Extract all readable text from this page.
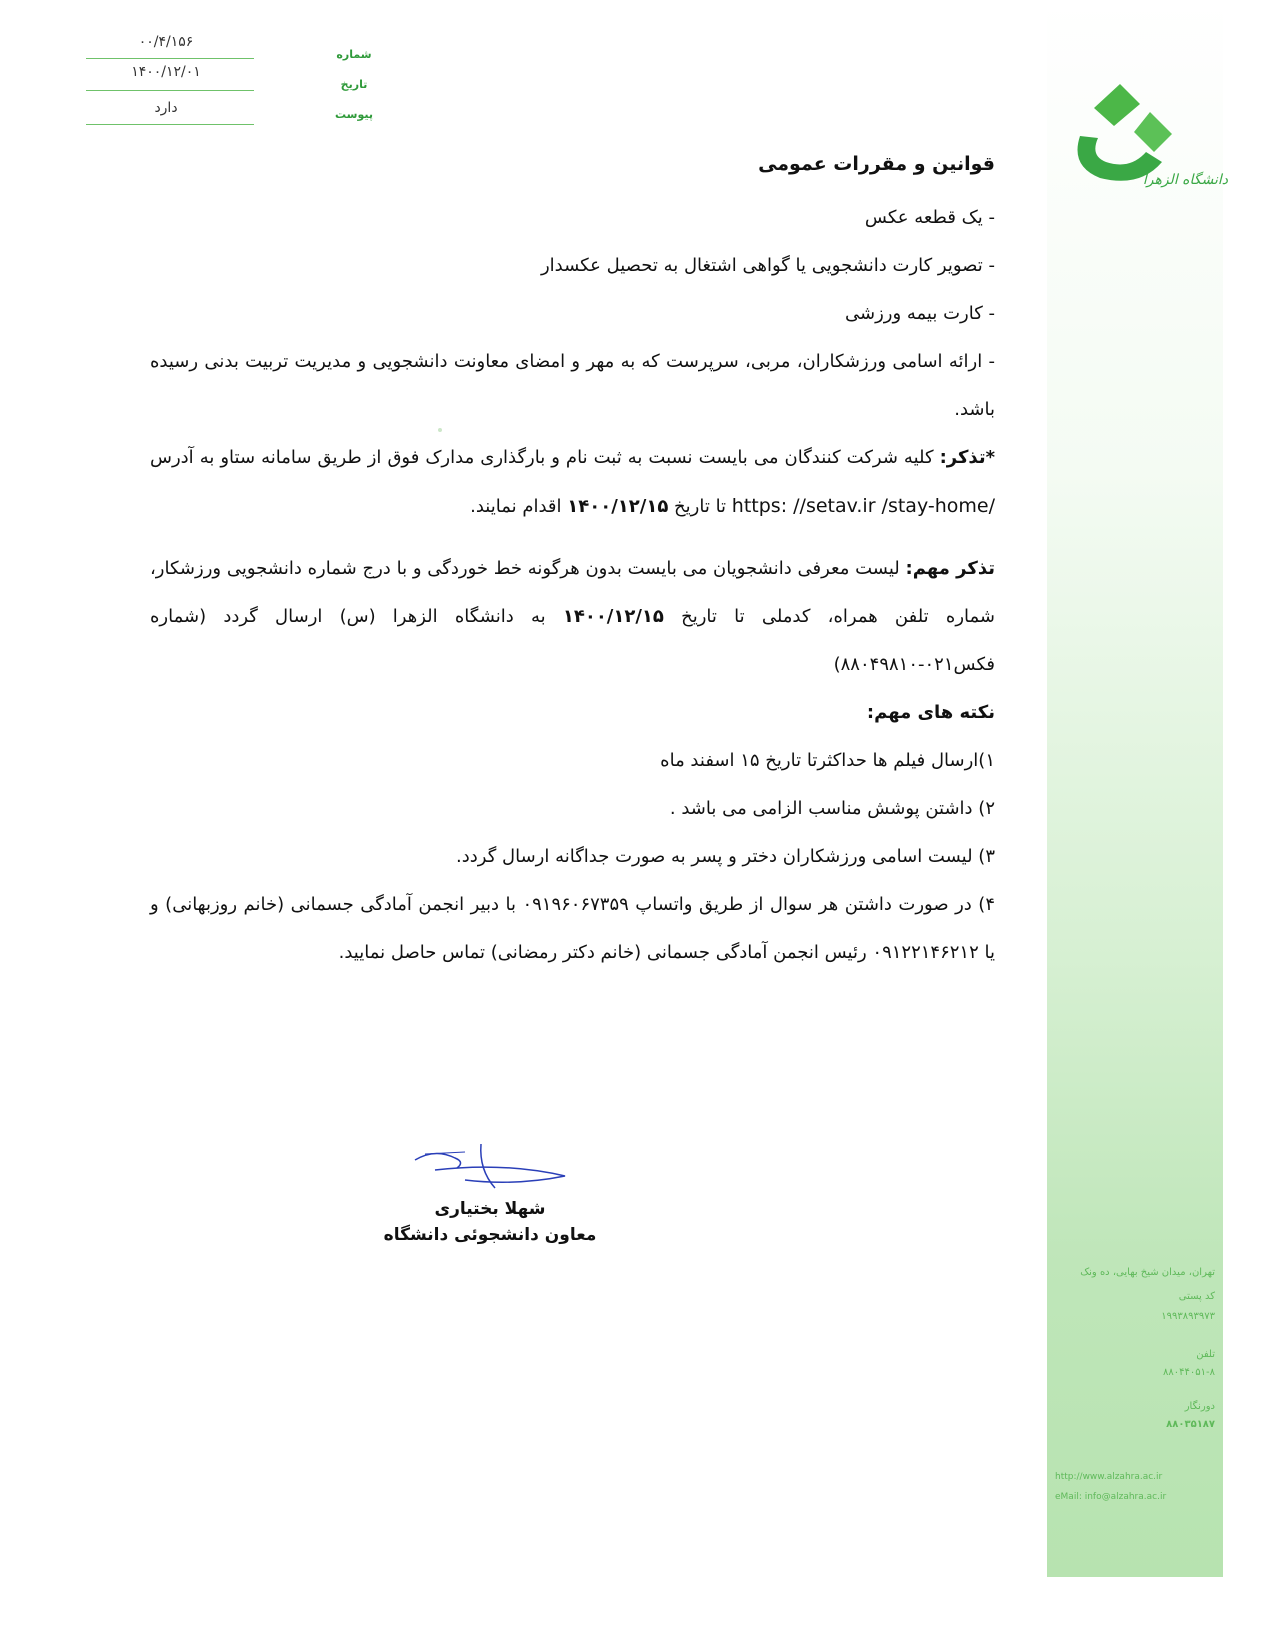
دانشگاه الزهرا
۰۰/۴/۱۵۶
۱۴۰۰/۱۲/۰۱
دارد
شماره
تاریخ
پیوست

قوانین و مقررات عمومی

- یک قطعه عکس

- تصویر کارت دانشجویی یا گواهی اشتغال به تحصیل عکسدار

- کارت بیمه ورزشی

- ارائه اسامی ورزشکاران، مربی، سرپرست که به مهر و امضای معاونت دانشجویی و مدیریت تربیت بدنی رسیده باشد.

*تذکر: کلیه شرکت کنندگان می بایست نسبت به ثبت نام و بارگذاری مدارک فوق از طریق سامانه ستاو به آدرس https: //setav.ir /stay-home/ تا تاریخ ۱۴۰۰/۱۲/۱۵ اقدام نمایند.

تذکر مهم: لیست معرفی دانشجویان می بایست بدون هرگونه خط خوردگی و با درج شماره دانشجویی ورزشکار، شماره تلفن همراه، کدملی تا تاریخ ۱۴۰۰/۱۲/۱۵ به دانشگاه الزهرا (س) ارسال گردد (شماره فکس۰۲۱-۸۸۰۴۹۸۱۰)

نکته های مهم:

۱)ارسال فیلم ها حداکثرتا تاریخ ۱۵ اسفند ماه

۲) داشتن پوشش مناسب الزامی می باشد .

۳) لیست اسامی ورزشکاران دختر و پسر به صورت جداگانه ارسال گردد.

۴) در صورت داشتن هر سوال از طریق واتساپ ۰۹۱۹۶۰۶۷۳۵۹ با دبیر انجمن آمادگی جسمانی (خانم روزبهانی) و یا ۰۹۱۲۲۱۴۶۲۱۲ رئیس انجمن آمادگی جسمانی (خانم دکتر رمضانی) تماس حاصل نمایید.

شهلا بختیاری
معاون دانشجوئی دانشگاه
تهران، میدان شیخ بهایی، ده ونک
کد پستی
۱۹۹۳۸۹۳۹۷۳
تلفن
۸۸۰۴۴۰۵۱-۸
دورنگار
۸۸۰۳۵۱۸۷
http://www.alzahra.ac.ir
eMail: info@alzahra.ac.ir
